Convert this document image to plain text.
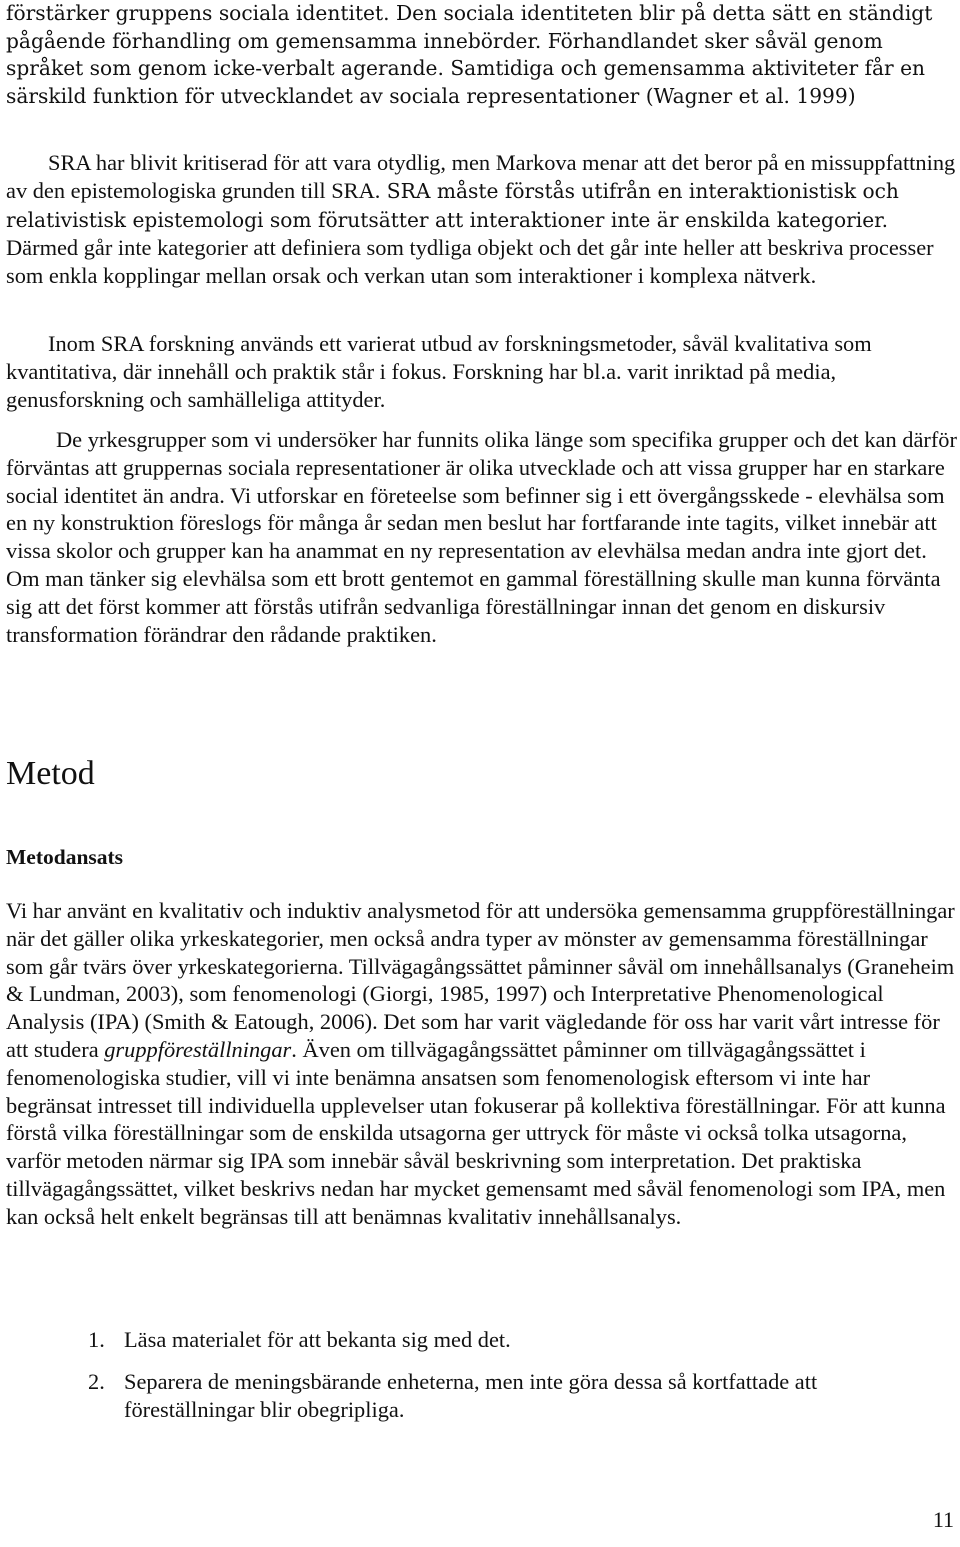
förstärker gruppens sociala identitet. Den sociala identiteten blir på detta sätt en ständigt pågående förhandling om gemensamma innebörder. Förhandlandet sker såväl genom språket som genom icke-verbalt agerande. Samtidiga och gemensamma aktiviteter får en särskild funktion för utvecklandet av sociala representationer (Wagner et al. 1999)

SRA har blivit kritiserad för att vara otydlig, men Markova menar att det beror på en missuppfattning av den epistemologiska grunden till SRA. SRA måste förstås utifrån en interaktionistisk och relativistisk epistemologi som förutsätter att interaktioner inte är enskilda kategorier. Därmed går inte kategorier att definiera som tydliga objekt och det går inte heller att beskriva processer som enkla kopplingar mellan orsak och verkan utan som interaktioner i komplexa nätverk.

Inom SRA forskning används ett varierat utbud av forskningsmetoder, såväl kvalitativa som kvantitativa, där innehåll och praktik står i fokus. Forskning har bl.a. varit inriktad på media, genusforskning och samhälleliga attityder.

De yrkesgrupper som vi undersöker har funnits olika länge som specifika grupper och det kan därför förväntas att gruppernas sociala representationer är olika utvecklade och att vissa grupper har en starkare social identitet än andra. Vi utforskar en företeelse som befinner sig i ett övergångsskede - elevhälsa som en ny konstruktion föreslogs för många år sedan men beslut har fortfarande inte tagits, vilket innebär att vissa skolor och grupper kan ha anammat en ny representation av elevhälsa medan andra inte gjort det. Om man tänker sig elevhälsa som ett brott gentemot en gammal föreställning skulle man kunna förvänta sig att det först kommer att förstås utifrån sedvanliga föreställningar innan det genom en diskursiv transformation förändrar den rådande praktiken.

Metod
Metodansats

Vi har använt en kvalitativ och induktiv analysmetod för att undersöka gemensamma gruppföreställningar när det gäller olika yrkeskategorier, men också andra typer av mönster av gemensamma föreställningar som går tvärs över yrkeskategorierna. Tillvägagångssättet påminner såväl om innehållsanalys (Graneheim & Lundman, 2003), som fenomenologi (Giorgi, 1985, 1997) och Interpretative Phenomenological Analysis (IPA) (Smith & Eatough, 2006). Det som har varit vägledande för oss har varit vårt intresse för att studera gruppföreställningar. Även om tillvägagångssättet påminner om tillvägagångssättet i fenomenologiska studier, vill vi inte benämna ansatsen som fenomenologisk eftersom vi inte har begränsat intresset till individuella upplevelser utan fokuserar på kollektiva föreställningar. För att kunna förstå vilka föreställningar som de enskilda utsagorna ger uttryck för måste vi också tolka utsagorna, varför metoden närmar sig IPA som innebär såväl beskrivning som interpretation. Det praktiska tillvägagångssättet, vilket beskrivs nedan har mycket gemensamt med såväl fenomenologi som IPA, men kan också helt enkelt begränsas till att benämnas kvalitativ innehållsanalys.

1. Läsa materialet för att bekanta sig med det.
2. Separera de meningsbärande enheterna, men inte göra dessa så kortfattade att föreställningar blir obegripliga.
11
